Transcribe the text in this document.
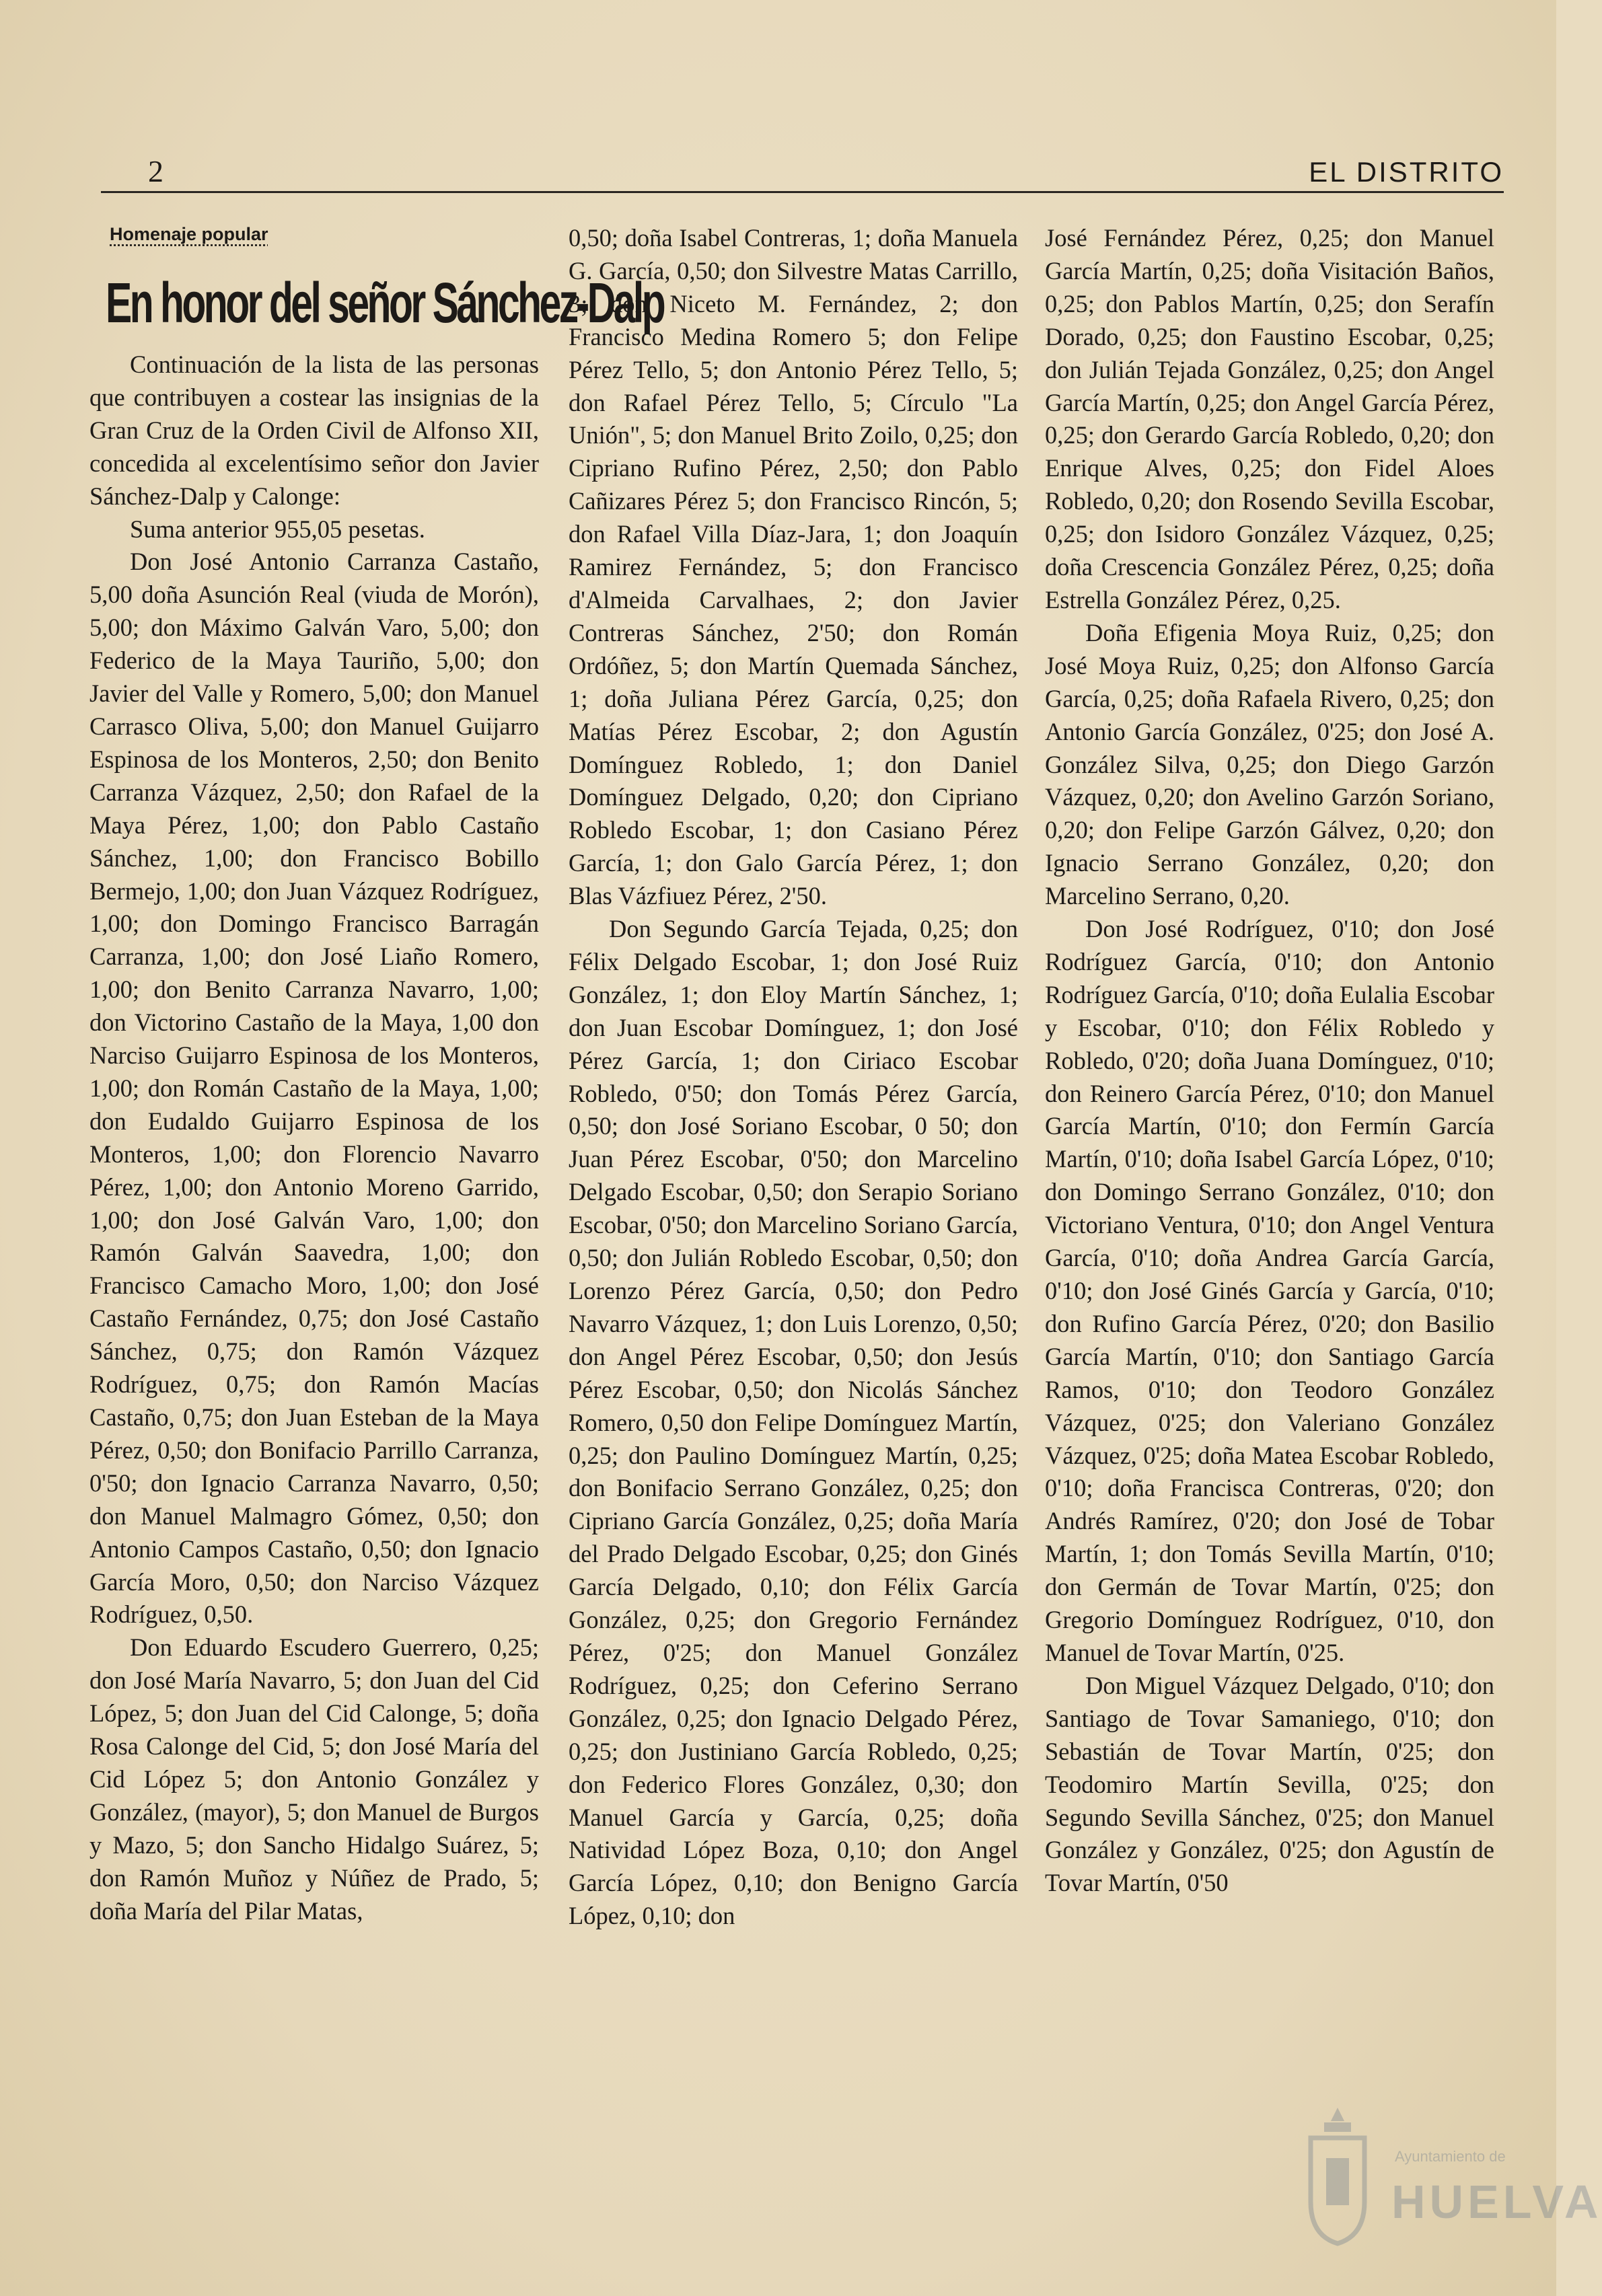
2	EL DISTRITO
Homenaje popular
En honor del señor Sánchez-Dalp

Continuación de la lista de las personas que contribuyen a costear las insignias de la Gran Cruz de la Orden Civil de Alfonso XII, concedida al excelentísimo señor don Javier Sánchez-Dalp y Calonge:

Suma anterior 955,05 pesetas.

Don José Antonio Carranza Castaño, 5,00 doña Asunción Real (viuda de Morón), 5,00; don Máximo Galván Varo, 5,00; don Federico de la Maya Tauriño, 5,00; don Javier del Valle y Romero, 5,00; don Manuel Carrasco Oliva, 5,00; don Manuel Guijarro Espinosa de los Monteros, 2,50; don Benito Carranza Vázquez, 2,50; don Rafael de la Maya Pérez, 1,00; don Pablo Castaño Sánchez, 1,00; don Francisco Bobillo Bermejo, 1,00; don Juan Vázquez Rodríguez, 1,00; don Domingo Francisco Barragán Carranza, 1,00; don José Liaño Romero, 1,00; don Benito Carranza Navarro, 1,00; don Victorino Castaño de la Maya, 1,00 don Narciso Guijarro Espinosa de los Monteros, 1,00; don Román Castaño de la Maya, 1,00; don Eudaldo Guijarro Espinosa de los Monteros, 1,00; don Florencio Navarro Pérez, 1,00; don Antonio Moreno Garrido, 1,00; don José Galván Varo, 1,00; don Ramón Galván Saavedra, 1,00; don Francisco Camacho Moro, 1,00; don José Castaño Fernández, 0,75; don José Castaño Sánchez, 0,75; don Ramón Vázquez Rodríguez, 0,75; don Ramón Macías Castaño, 0,75; don Juan Esteban de la Maya Pérez, 0,50; don Bonifacio Parrillo Carranza, 0'50; don Ignacio Carranza Navarro, 0,50; don Manuel Malmagro Gómez, 0,50; don Antonio Campos Castaño, 0,50; don Ignacio García Moro, 0,50; don Narciso Vázquez Rodríguez, 0,50.

Don Eduardo Escudero Guerrero, 0,25; don José María Navarro, 5; don Juan del Cid López, 5; don Juan del Cid Calonge, 5; doña Rosa Calonge del Cid, 5; don José María del Cid López 5; don Antonio González y González, (mayor), 5; don Manuel de Burgos y Mazo, 5; don Sancho Hidalgo Suárez, 5; don Ramón Muñoz y Núñez de Prado, 5; doña María del Pilar Matas,

0,50; doña Isabel Contreras, 1; doña Manuela G. García, 0,50; don Silvestre Matas Carrillo, 3; don Niceto M. Fernández, 2; don Francisco Medina Romero 5; don Felipe Pérez Tello, 5; don Antonio Pérez Tello, 5; don Rafael Pérez Tello, 5; Círculo "La Unión", 5; don Manuel Brito Zoilo, 0,25; don Cipriano Rufino Pérez, 2,50; don Pablo Cañizares Pérez 5; don Francisco Rincón, 5; don Rafael Villa Díaz-Jara, 1; don Joaquín Ramirez Fernández, 5; don Francisco d'Almeida Carvalhaes, 2; don Javier Contreras Sánchez, 2'50; don Román Ordóñez, 5; don Martín Quemada Sánchez, 1; doña Juliana Pérez García, 0,25; don Matías Pérez Escobar, 2; don Agustín Domínguez Robledo, 1; don Daniel Domínguez Delgado, 0,20; don Cipriano Robledo Escobar, 1; don Casiano Pérez García, 1; don Galo García Pérez, 1; don Blas Vázfiuez Pérez, 2'50.

Don Segundo García Tejada, 0,25; don Félix Delgado Escobar, 1; don José Ruiz González, 1; don Eloy Martín Sánchez, 1; don Juan Escobar Domínguez, 1; don José Pérez García, 1; don Ciriaco Escobar Robledo, 0'50; don Tomás Pérez García, 0,50; don José Soriano Escobar, 0 50; don Juan Pérez Escobar, 0'50; don Marcelino Delgado Escobar, 0,50; don Serapio Soriano Escobar, 0'50; don Marcelino Soriano García, 0,50; don Julián Robledo Escobar, 0,50; don Lorenzo Pérez García, 0,50; don Pedro Navarro Vázquez, 1; don Luis Lorenzo, 0,50; don Angel Pérez Escobar, 0,50; don Jesús Pérez Escobar, 0,50; don Nicolás Sánchez Romero, 0,50 don Felipe Domínguez Martín, 0,25; don Paulino Domínguez Martín, 0,25; don Bonifacio Serrano González, 0,25; don Cipriano García González, 0,25; doña María del Prado Delgado Escobar, 0,25; don Ginés García Delgado, 0,10; don Félix García González, 0,25; don Gregorio Fernández Pérez, 0'25; don Manuel González Rodríguez, 0,25; don Ceferino Serrano González, 0,25; don Ignacio Delgado Pérez, 0,25; don Justiniano García Robledo, 0,25; don Federico Flores González, 0,30; don Manuel García y García, 0,25; doña Natividad López Boza, 0,10; don Angel García López, 0,10; don Benigno García López, 0,10; don

José Fernández Pérez, 0,25; don Manuel García Martín, 0,25; doña Visitación Baños, 0,25; don Pablos Martín, 0,25; don Serafín Dorado, 0,25; don Faustino Escobar, 0,25; don Julián Tejada González, 0,25; don Angel García Martín, 0,25; don Angel García Pérez, 0,25; don Gerardo García Robledo, 0,20; don Enrique Alves, 0,25; don Fidel Aloes Robledo, 0,20; don Rosendo Sevilla Escobar, 0,25; don Isidoro González Vázquez, 0,25; doña Crescencia González Pérez, 0,25; doña Estrella González Pérez, 0,25.

Doña Efigenia Moya Ruiz, 0,25; don José Moya Ruiz, 0,25; don Alfonso García García, 0,25; doña Rafaela Rivero, 0,25; don Antonio García González, 0'25; don José A. González Silva, 0,25; don Diego Garzón Vázquez, 0,20; don Avelino Garzón Soriano, 0,20; don Felipe Garzón Gálvez, 0,20; don Ignacio Serrano González, 0,20; don Marcelino Serrano, 0,20.

Don José Rodríguez, 0'10; don José Rodríguez García, 0'10; don Antonio Rodríguez García, 0'10; doña Eulalia Escobar y Escobar, 0'10; don Félix Robledo y Robledo, 0'20; doña Juana Domínguez, 0'10; don Reinero García Pérez, 0'10; don Manuel García Martín, 0'10; don Fermín García Martín, 0'10; doña Isabel García López, 0'10; don Domingo Serrano González, 0'10; don Victoriano Ventura, 0'10; don Angel Ventura García, 0'10; doña Andrea García García, 0'10; don José Ginés García y García, 0'10; don Rufino García Pérez, 0'20; don Basilio García Martín, 0'10; don Santiago García Ramos, 0'10; don Teodoro González Vázquez, 0'25; don Valeriano González Vázquez, 0'25; doña Matea Escobar Robledo, 0'10; doña Francisca Contreras, 0'20; don Andrés Ramírez, 0'20; don José de Tobar Martín, 1; don Tomás Sevilla Martín, 0'10; don Germán de Tovar Martín, 0'25; don Gregorio Domínguez Rodríguez, 0'10, don Manuel de Tovar Martín, 0'25.

Don Miguel Vázquez Delgado, 0'10; don Santiago de Tovar Samaniego, 0'10; don Sebastián de Tovar Martín, 0'25; don Teodomiro Martín Sevilla, 0'25; don Segundo Sevilla Sánchez, 0'25; don Manuel González y González, 0'25; don Agustín de Tovar Martín, 0'50

Ayuntamiento de
HUELVA
